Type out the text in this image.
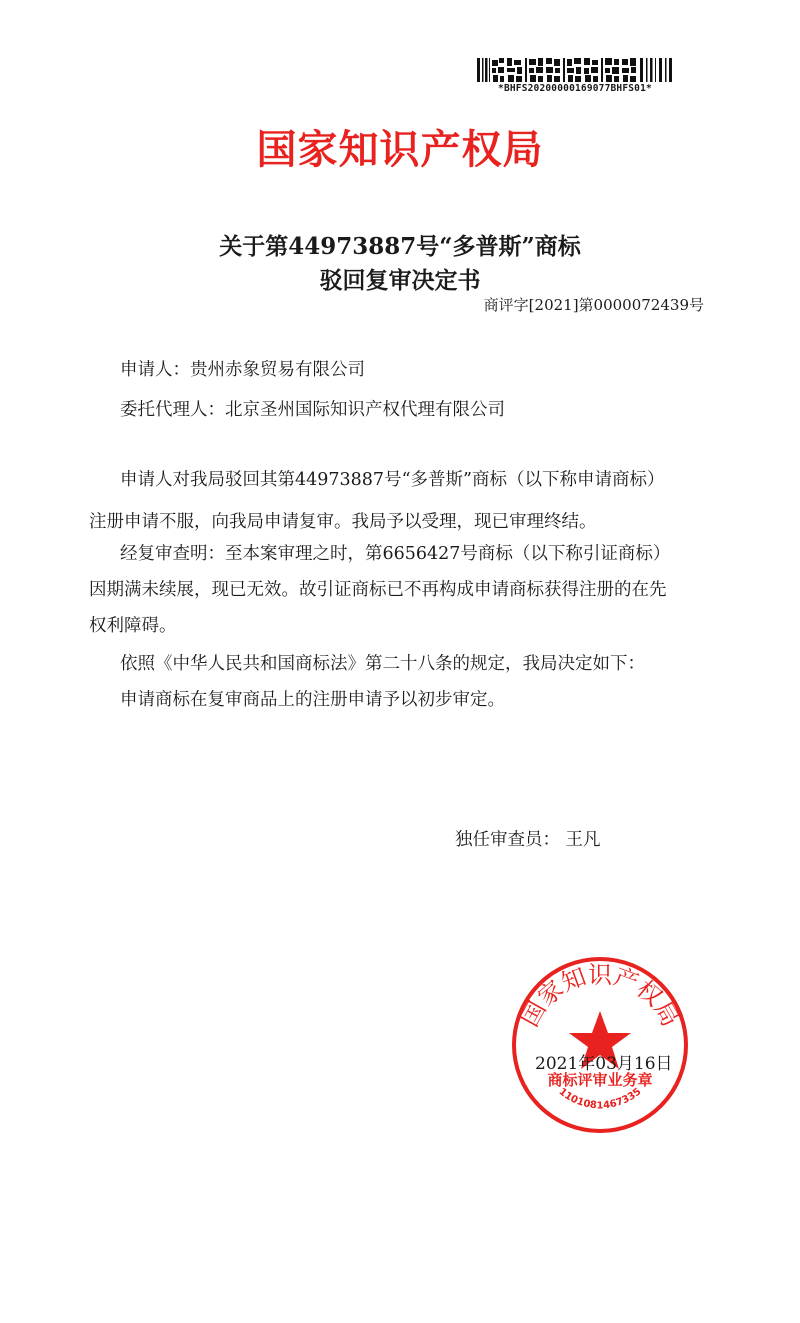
*BHFS20200000169077BHFS01*
国家知识产权局
关于第44973887号“多普斯”商标
驳回复审决定书
商评字[2021]第0000072439号
申请人：贵州赤象贸易有限公司
委托代理人：北京圣州国际知识产权代理有限公司
申请人对我局驳回其第44973887号“多普斯”商标（以下称申请商标）
注册申请不服，向我局申请复审。我局予以受理，现已审理终结。
经复审查明：至本案审理之时，第6656427号商标（以下称引证商标）
因期满未续展，现已无效。故引证商标已不再构成申请商标获得注册的在先
权利障碍。
依照《中华人民共和国商标法》第二十八条的规定，我局决定如下：
申请商标在复审商品上的注册申请予以初步审定。
独任审查员： 王凡
国家知识产权局
商标评审业务章
1101081467335
2021年03月16日
